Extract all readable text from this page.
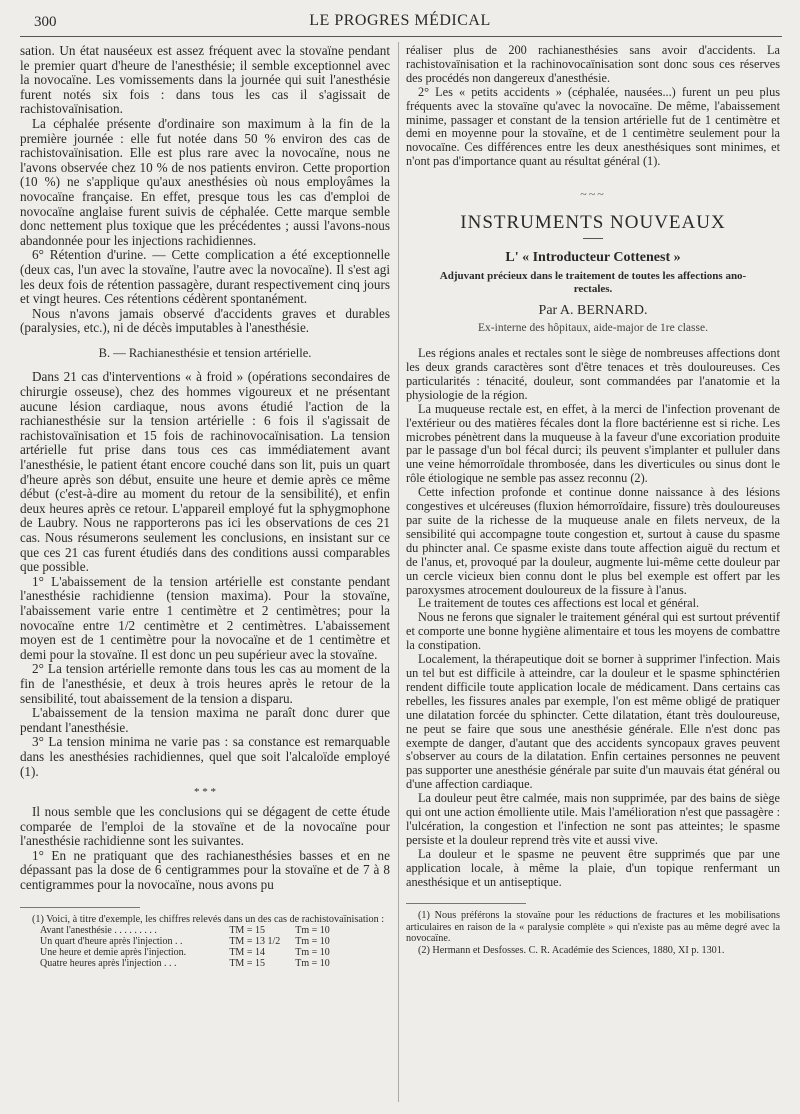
300	LE PROGRES MÉDICAL

sation. Un état nauséeux est assez fréquent avec la stovaïne pendant le premier quart d'heure de l'anesthésie; il semble exceptionnel avec la novocaïne. Les vomissements dans la journée qui suit l'anesthésie furent notés six fois : dans tous les cas il s'agissait de rachistovaïnisation.

La céphalée présente d'ordinaire son maximum à la fin de la première journée : elle fut notée dans 50 % environ des cas de rachistovaïnisation. Elle est plus rare avec la novocaïne, nous ne l'avons observée chez 10 % de nos patients environ. Cette proportion (10 %) ne s'applique qu'aux anesthésies où nous employâmes la novocaïne française. En effet, presque tous les cas d'emploi de novocaïne anglaise furent suivis de céphalée. Cette marque semble donc nettement plus toxique que les précédentes ; aussi l'avons-nous abandonnée pour les injections rachidiennes.

6° Rétention d'urine. — Cette complication a été exceptionnelle (deux cas, l'un avec la stovaïne, l'autre avec la novocaïne). Il s'est agi les deux fois de rétention passagère, durant respectivement cinq jours et vingt heures. Ces rétentions cédèrent spontanément.

Nous n'avons jamais observé d'accidents graves et durables (paralysies, etc.), ni de décès imputables à l'anesthésie.

B. — Rachianesthésie et tension artérielle.

Dans 21 cas d'interventions « à froid » (opérations secondaires de chirurgie osseuse), chez des hommes vigoureux et ne présentant aucune lésion cardiaque, nous avons étudié l'action de la rachianesthésie sur la tension artérielle : 6 fois il s'agissait de rachistovaïnisation et 15 fois de rachinovocaïnisation. La tension artérielle fut prise dans tous ces cas immédiatement avant l'anesthésie, le patient étant encore couché dans son lit, puis un quart d'heure après son début, ensuite une heure et demie après ce même début (c'est-à-dire au moment du retour de la sensibilité), et enfin deux heures après ce retour. L'appareil employé fut la sphygmophone de Laubry. Nous ne rapporterons pas ici les observations de ces 21 cas. Nous résumerons seulement les conclusions, en insistant sur ce que ces 21 cas furent étudiés dans des conditions aussi comparables que possible.

1° L'abaissement de la tension artérielle est constante pendant l'anesthésie rachidienne (tension maxima). Pour la stovaïne, l'abaissement varie entre 1 centimètre et 2 centimètres; pour la novocaïne entre 1/2 centimètre et 2 centimètres. L'abaissement moyen est de 1 centimètre pour la novocaïne et de 1 centimètre et demi pour la stovaïne. Il est donc un peu supérieur avec la stovaïne.

2° La tension artérielle remonte dans tous les cas au moment de la fin de l'anesthésie, et deux à trois heures après le retour de la sensibilité, tout abaissement de la tension a disparu.

L'abaissement de la tension maxima ne paraît donc durer que pendant l'anesthésie.

3° La tension minima ne varie pas : sa constance est remarquable dans les anesthésies rachidiennes, quel que soit l'alcaloïde employé (1).

* * *

Il nous semble que les conclusions qui se dégagent de cette étude comparée de l'emploi de la stovaïne et de la novocaïne pour l'anesthésie rachidienne sont les suivantes.

1° En ne pratiquant que des rachianesthésies basses et en ne dépassant pas la dose de 6 centigrammes pour la stovaïne et de 7 à 8 centigrammes pour la novocaïne, nous avons pu

(1) Voici, à titre d'exemple, les chiffres relevés dans un des cas de rachistovaïnisation :

Avant l'anesthésie . . . . . . . . .	TM = 15	Tm = 10
Un quart d'heure après l'injection . .	TM = 13 1/2	Tm = 10
Une heure et demie après l'injection.	TM = 14	Tm = 10
Quatre heures après l'injection . . .	TM = 15	Tm = 10

réaliser plus de 200 rachianesthésies sans avoir d'accidents. La rachistovaïnisation et la rachinovocaïnisation sont donc sous ces réserves des procédés non dangereux d'anesthésie.

2° Les « petits accidents » (céphalée, nausées...) furent un peu plus fréquents avec la stovaïne qu'avec la novocaïne. De même, l'abaissement minime, passager et constant de la tension artérielle fut de 1 centimètre et demi en moyenne pour la stovaïne, et de 1 centimètre seulement pour la novocaïne. Ces différences entre les deux anesthésiques sont minimes, et n'ont pas d'importance quant au résultat général (1).

~~~
INSTRUMENTS NOUVEAUX
L' « Introducteur Cottenest »
Adjuvant précieux dans le traitement de toutes les affections ano-rectales.
Par A. BERNARD.
Ex-interne des hôpitaux, aide-major de 1re classe.

Les régions anales et rectales sont le siège de nombreuses affections dont les deux grands caractères sont d'être tenaces et très douloureuses. Ces particularités : ténacité, douleur, sont commandées par l'anatomie et la physiologie de la région.

La muqueuse rectale est, en effet, à la merci de l'infection provenant de l'extérieur ou des matières fécales dont la flore bactérienne est si riche. Les microbes pénètrent dans la muqueuse à la faveur d'une excoriation produite par le passage d'un bol fécal durci; ils peuvent s'implanter et pulluler dans une veine hémorroïdale thrombosée, dans les diverticules ou sinus dont le rôle étiologique ne semble pas assez reconnu (2).

Cette infection profonde et continue donne naissance à des lésions congestives et ulcéreuses (fluxion hémorroïdaire, fissure) très douloureuses par suite de la richesse de la muqueuse anale en filets nerveux, de la sensibilité qui accompagne toute congestion et, surtout à cause du spasme du phincter anal. Ce spasme existe dans toute affection aiguë du rectum et de l'anus, et, provoqué par la douleur, augmente lui-même cette douleur par un cercle vicieux bien connu dont le plus bel exemple est offert par les paroxysmes atrocement douloureux de la fissure à l'anus.

Le traitement de toutes ces affections est local et général.

Nous ne ferons que signaler le traitement général qui est surtout préventif et comporte une bonne hygiène alimentaire et tous les moyens de combattre la constipation.

Localement, la thérapeutique doit se borner à supprimer l'infection. Mais un tel but est difficile à atteindre, car la douleur et le spasme sphinctérien rendent difficile toute application locale de médicament. Dans certains cas rebelles, les fissures anales par exemple, l'on est même obligé de pratiquer une dilatation forcée du sphincter. Cette dilatation, étant très douloureuse, ne peut se faire que sous une anesthésie générale. Elle n'est donc pas exempte de danger, d'autant que des accidents syncopaux graves peuvent s'observer au cours de la dilatation. Enfin certaines personnes ne peuvent pas supporter une anesthésie générale par suite d'un mauvais état général ou d'une affection cardiaque.

La douleur peut être calmée, mais non supprimée, par des bains de siège qui ont une action émolliente utile. Mais l'amélioration n'est que passagère : l'ulcération, la congestion et l'infection ne sont pas atteintes; le spasme persiste et la douleur reprend très vite et aussi vive.

La douleur et le spasme ne peuvent être supprimés que par une application locale, à même la plaie, d'un topique renfermant un anesthésique et un antiseptique.

(1) Nous préférons la stovaïne pour les réductions de fractures et les mobilisations articulaires en raison de la « paralysie complète » qui n'existe pas au même degré avec la novocaïne.

(2) Hermann et Desfosses. C. R. Académie des Sciences, 1880, XI p. 1301.
